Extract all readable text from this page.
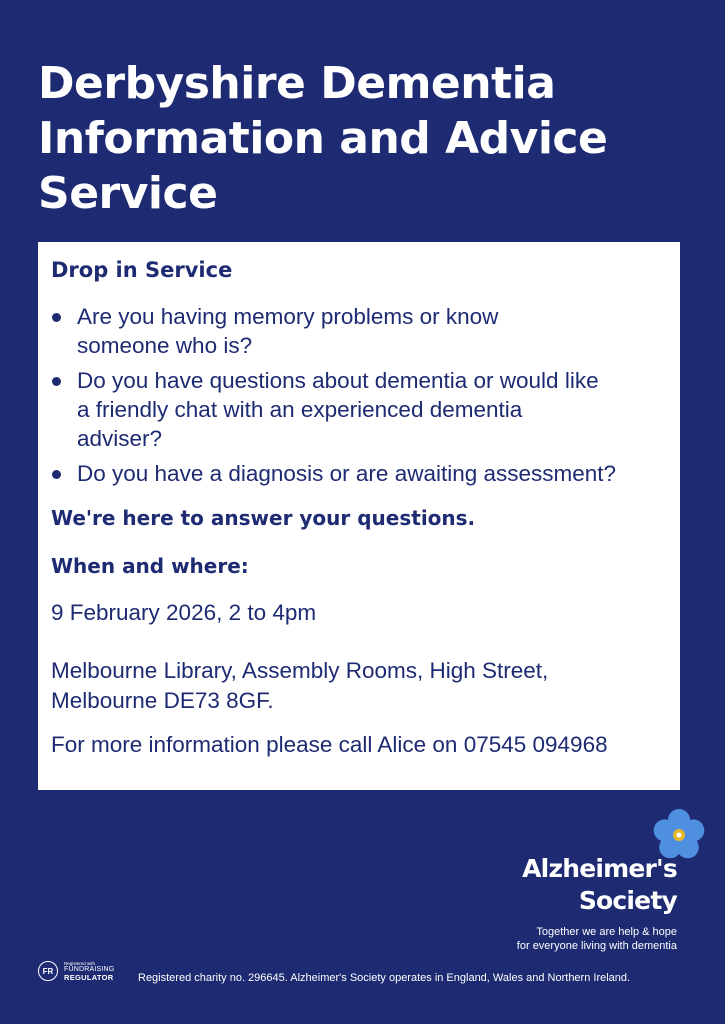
Derbyshire Dementia
Information and Advice
Service
Drop in Service
Are you having memory problems or know
someone who is?
Do you have questions about dementia or would like
a friendly chat with an experienced dementia
adviser?
Do you have a diagnosis or are awaiting assessment?

We're here to answer your questions.

When and where:

9 February 2026, 2 to 4pm

Melbourne Library, Assembly Rooms, High Street,
Melbourne DE73 8GF.

For more information please call Alice on 07545 094968

Alzheimer's

Society

Together we are help & hope

for everyone living with dementia

FR

Registered with

FUNDRAISING

REGULATOR Registered charity no. 296645. Alzheimer's Society operates in England, Wales and Northern Ireland.
